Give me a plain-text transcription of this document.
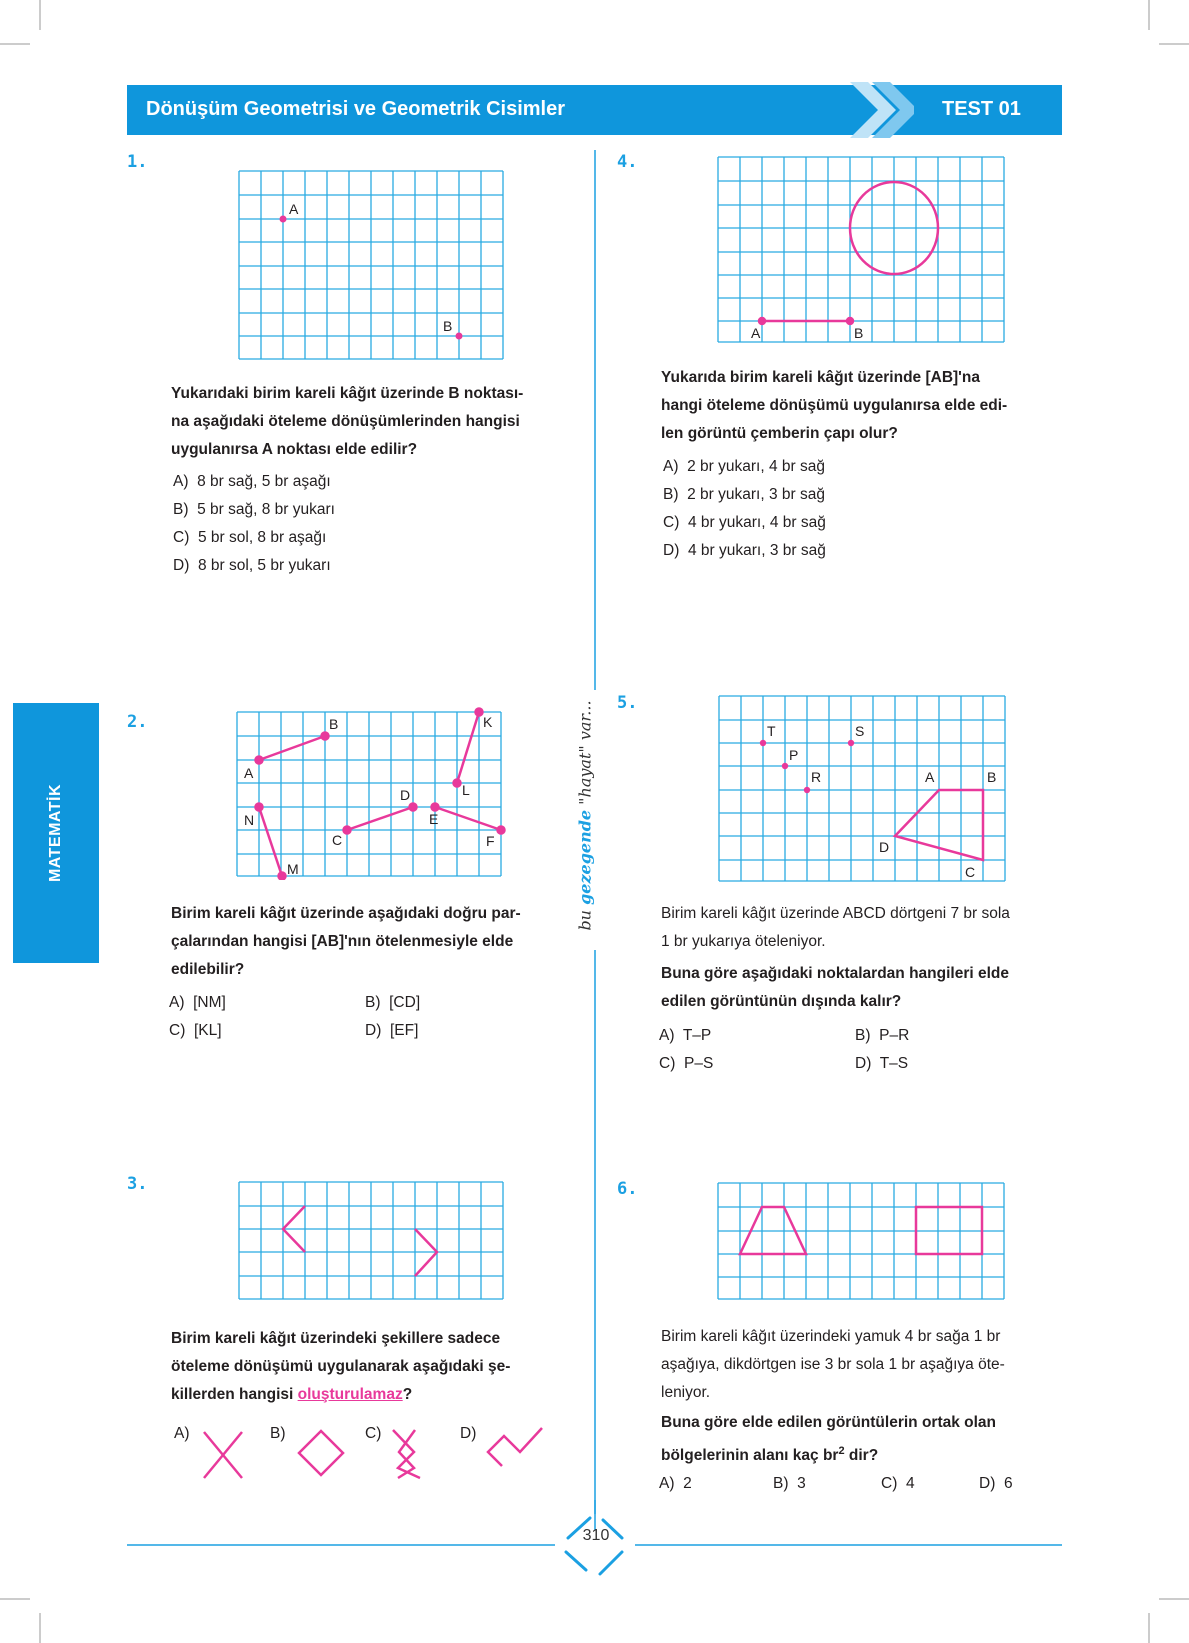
Dönüşüm Geometrisi ve Geometrik Cisimler	TEST 01
MATEMATİK
bu gezegende "hayat" var...
1.
A
B
Yukarıdaki birim kareli kâğıt üzerinde B noktası-
na aşağıdaki öteleme dönüşümlerinden hangisi
uygulanırsa A noktası elde edilir?
A) 8 br sağ, 5 br aşağı
B) 5 br sağ, 8 br yukarı
C) 5 br sol, 8 br aşağı
D) 8 br sol, 5 br yukarı
2.
A
B	K
L
N
M
C
D
E
F
Birim kareli kâğıt üzerinde aşağıdaki doğru par-
çalarından hangisi [AB]'nın ötelenmesiyle elde
edilebilir?
A) [NM]	B) [CD]
C) [KL]	D) [EF]
3.
Birim kareli kâğıt üzerindeki şekillere sadece
öteleme dönüşümü uygulanarak aşağıdaki şe-
killerden hangisi oluşturulamaz?
A)	B)	C)	D)
4.
A	B
Yukarıda birim kareli kâğıt üzerinde [AB]'na
hangi öteleme dönüşümü uygulanırsa elde edi-
len görüntü çemberin çapı olur?
A) 2 br yukarı, 4 br sağ
B) 2 br yukarı, 3 br sağ
C) 4 br yukarı, 4 br sağ
D) 4 br yukarı, 3 br sağ
5.
T
P
R
S
A	B
C
D
Birim kareli kâğıt üzerinde ABCD dörtgeni 7 br sola
1 br yukarıya öteleniyor.
Buna göre aşağıdaki noktalardan hangileri elde
edilen görüntünün dışında kalır?
A) T–P	B) P–R
C) P–S	D) T–S
6.
Birim kareli kâğıt üzerindeki yamuk 4 br sağa 1 br
aşağıya, dikdörtgen ise 3 br sola 1 br aşağıya öte-
leniyor.
Buna göre elde edilen görüntülerin ortak olan
bölgelerinin alanı kaç $br^2$ dir?
A) 2	B) 3	C) 4	D) 6
310
